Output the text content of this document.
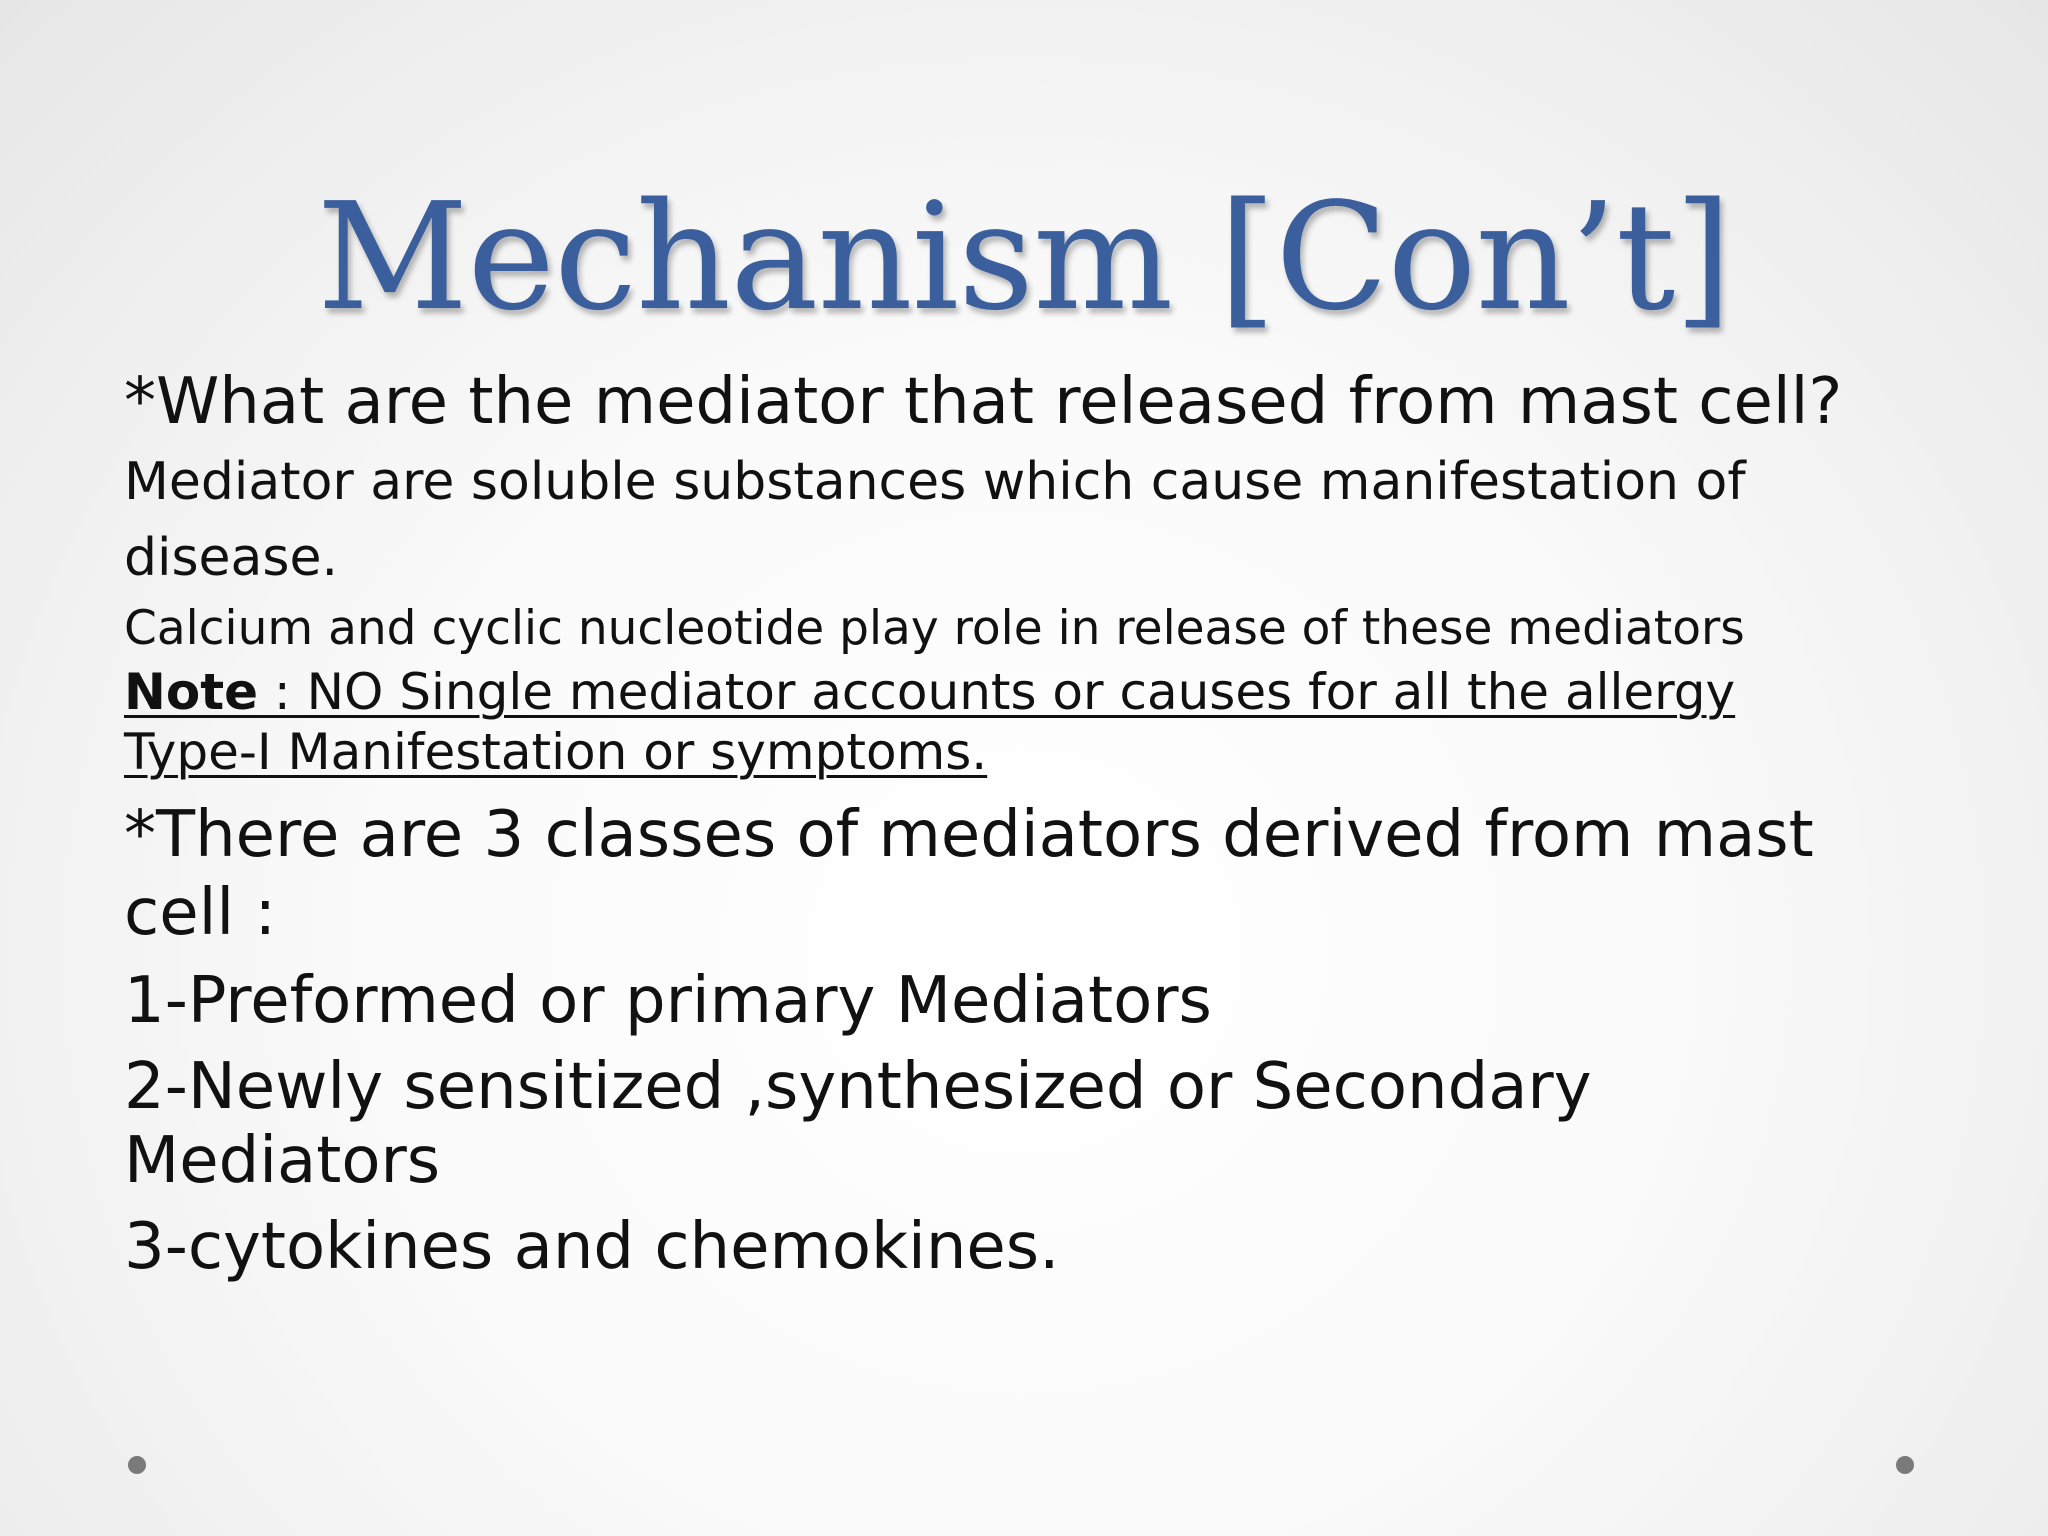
Mechanism [Con’t]

*What are the mediator that released from mast cell?

Mediator are soluble substances which cause manifestation of

disease.

Calcium and cyclic nucleotide play role in release of these mediators

Note : NO Single mediator accounts or causes for all the allergy

Type-I Manifestation or symptoms.

*There are 3 classes of mediators derived from mast

cell :

1-Preformed or primary Mediators

2-Newly sensitized ,synthesized or Secondary

Mediators

3-cytokines and chemokines.
